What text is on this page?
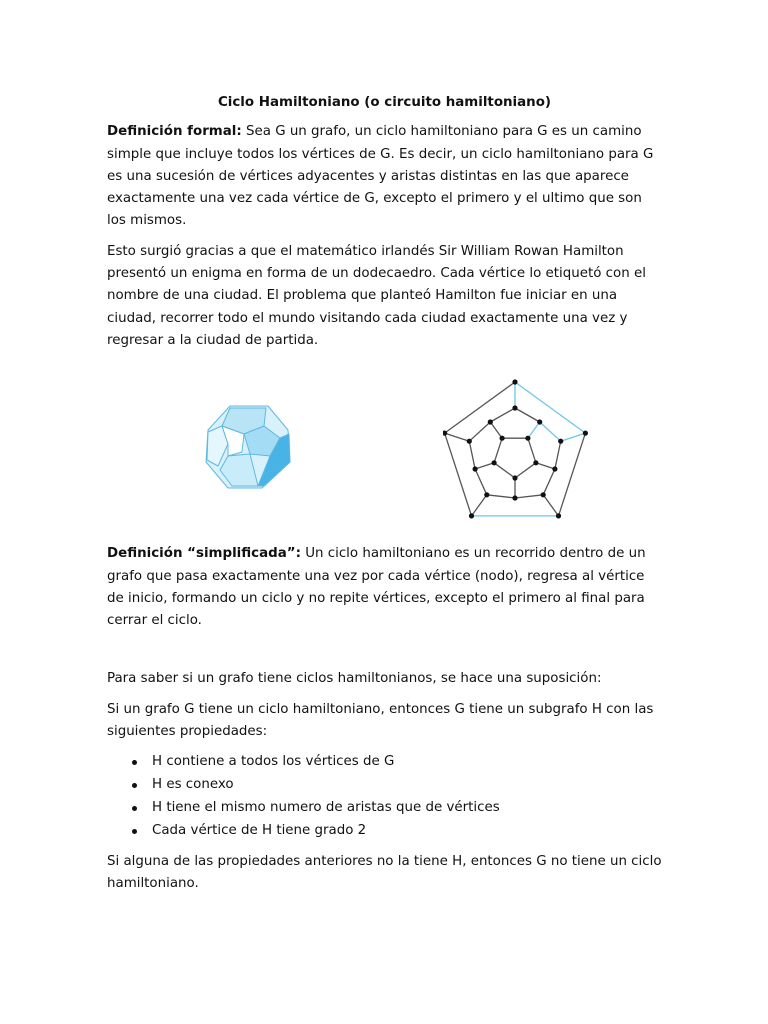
Ciclo Hamiltoniano (o circuito hamiltoniano)

Definición formal: Sea G un grafo, un ciclo hamiltoniano para G es un camino simple que incluye todos los vértices de G. Es decir, un ciclo hamiltoniano para G es una sucesión de vértices adyacentes y aristas distintas en las que aparece exactamente una vez cada vértice de G, excepto el primero y el ultimo que son los mismos.

Esto surgió gracias a que el matemático irlandés Sir William Rowan Hamilton presentó un enigma en forma de un dodecaedro. Cada vértice lo etiquetó con el nombre de una ciudad. El problema que planteó Hamilton fue iniciar en una ciudad, recorrer todo el mundo visitando cada ciudad exactamente una vez y regresar a la ciudad de partida.

Definición “simplificada”: Un ciclo hamiltoniano es un recorrido dentro de un grafo que pasa exactamente una vez por cada vértice (nodo), regresa al vértice de inicio, formando un ciclo y no repite vértices, excepto el primero al final para cerrar el ciclo.

Para saber si un grafo tiene ciclos hamiltonianos, se hace una suposición:

Si un grafo G tiene un ciclo hamiltoniano, entonces G tiene un subgrafo H con las siguientes propiedades:

H contiene a todos los vértices de G
H es conexo
H tiene el mismo numero de aristas que de vértices
Cada vértice de H tiene grado 2

Si alguna de las propiedades anteriores no la tiene H, entonces G no tiene un ciclo hamiltoniano.
